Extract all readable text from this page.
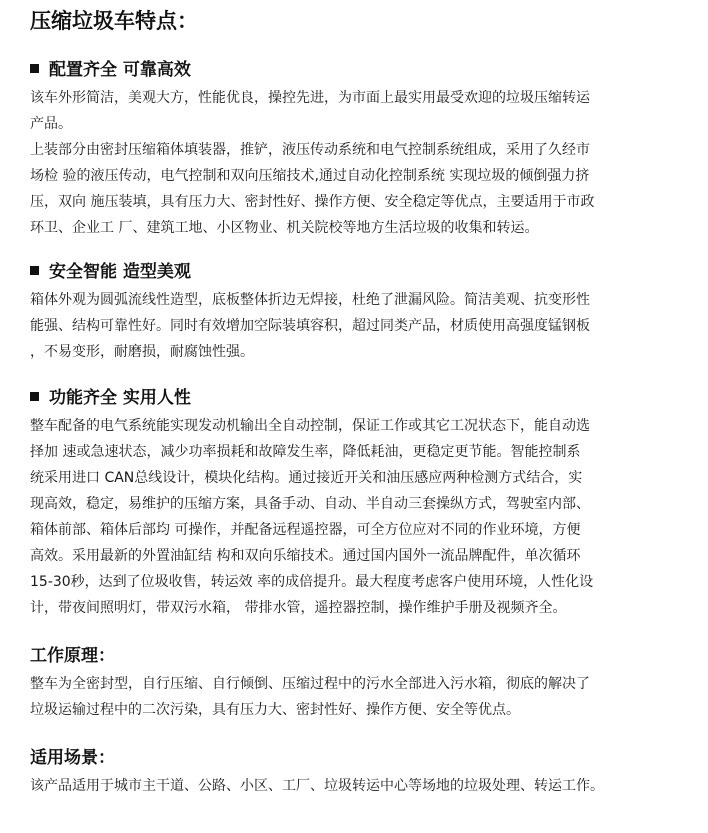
压缩垃圾车特点：
配置齐全 可靠高效
该车外形简洁，美观大方，性能优良，操控先进，为市面上最实用最受欢迎的垃圾压缩转运
产品。
上装部分由密封压缩箱体填装器，推铲，液压传动系统和电气控制系统组成，采用了久经市
场检 验的液压传动，电气控制和双向压缩技术,通过自动化控制系统 实现垃圾的倾倒强力挤
压，双向 施压装填，具有压力大、密封性好、操作方便、安全稳定等优点，主要适用于市政
环卫、企业工 厂、建筑工地、小区物业、机关院校等地方生活垃圾的收集和转运。
安全智能 造型美观
箱体外观为圆弧流线性造型，底板整体折边无焊接，杜绝了泄漏风险。简洁美观、抗变形性
能强、结构可靠性好。同时有效增加空际装填容积，超过同类产品，材质使用高强度锰钢板
，不易变形，耐磨损，耐腐蚀性强。
功能齐全 实用人性
整车配备的电气系统能实现发动机输出全自动控制，保证工作或其它工况状态下，能自动选
择加 速或急速状态，减少功率损耗和故障发生率，降低耗油，更稳定更节能。智能控制系
统采用进口 CAN总线设计，模块化结构。通过接近开关和油压感应两种检测方式结合，实
现高效，稳定，易维护的压缩方案，具备手动、自动、半自动三套操纵方式，驾驶室内部、
箱体前部、箱体后部均 可操作，并配备远程遥控器，可全方位应对不同的作业环境，方便
高效。采用最新的外置油缸结 构和双向乐缩技术。通过国内国外一流品牌配件，单次循环
15-30秒，达到了位圾收售，转运效 率的成倍提升。最大程度考虑客户使用环境，人性化设
计，带夜间照明灯，带双污水箱， 带排水管，遥控器控制，操作维护手册及视频齐全。
工作原理：
整车为全密封型，自行压缩、自行倾倒、压缩过程中的污水全部进入污水箱，彻底的解决了
垃圾运输过程中的二次污染，具有压力大、密封性好、操作方便、安全等优点。
适用场景：
该产品适用于城市主干道、公路、小区、工厂、垃圾转运中心等场地的垃圾处理、转运工作。
